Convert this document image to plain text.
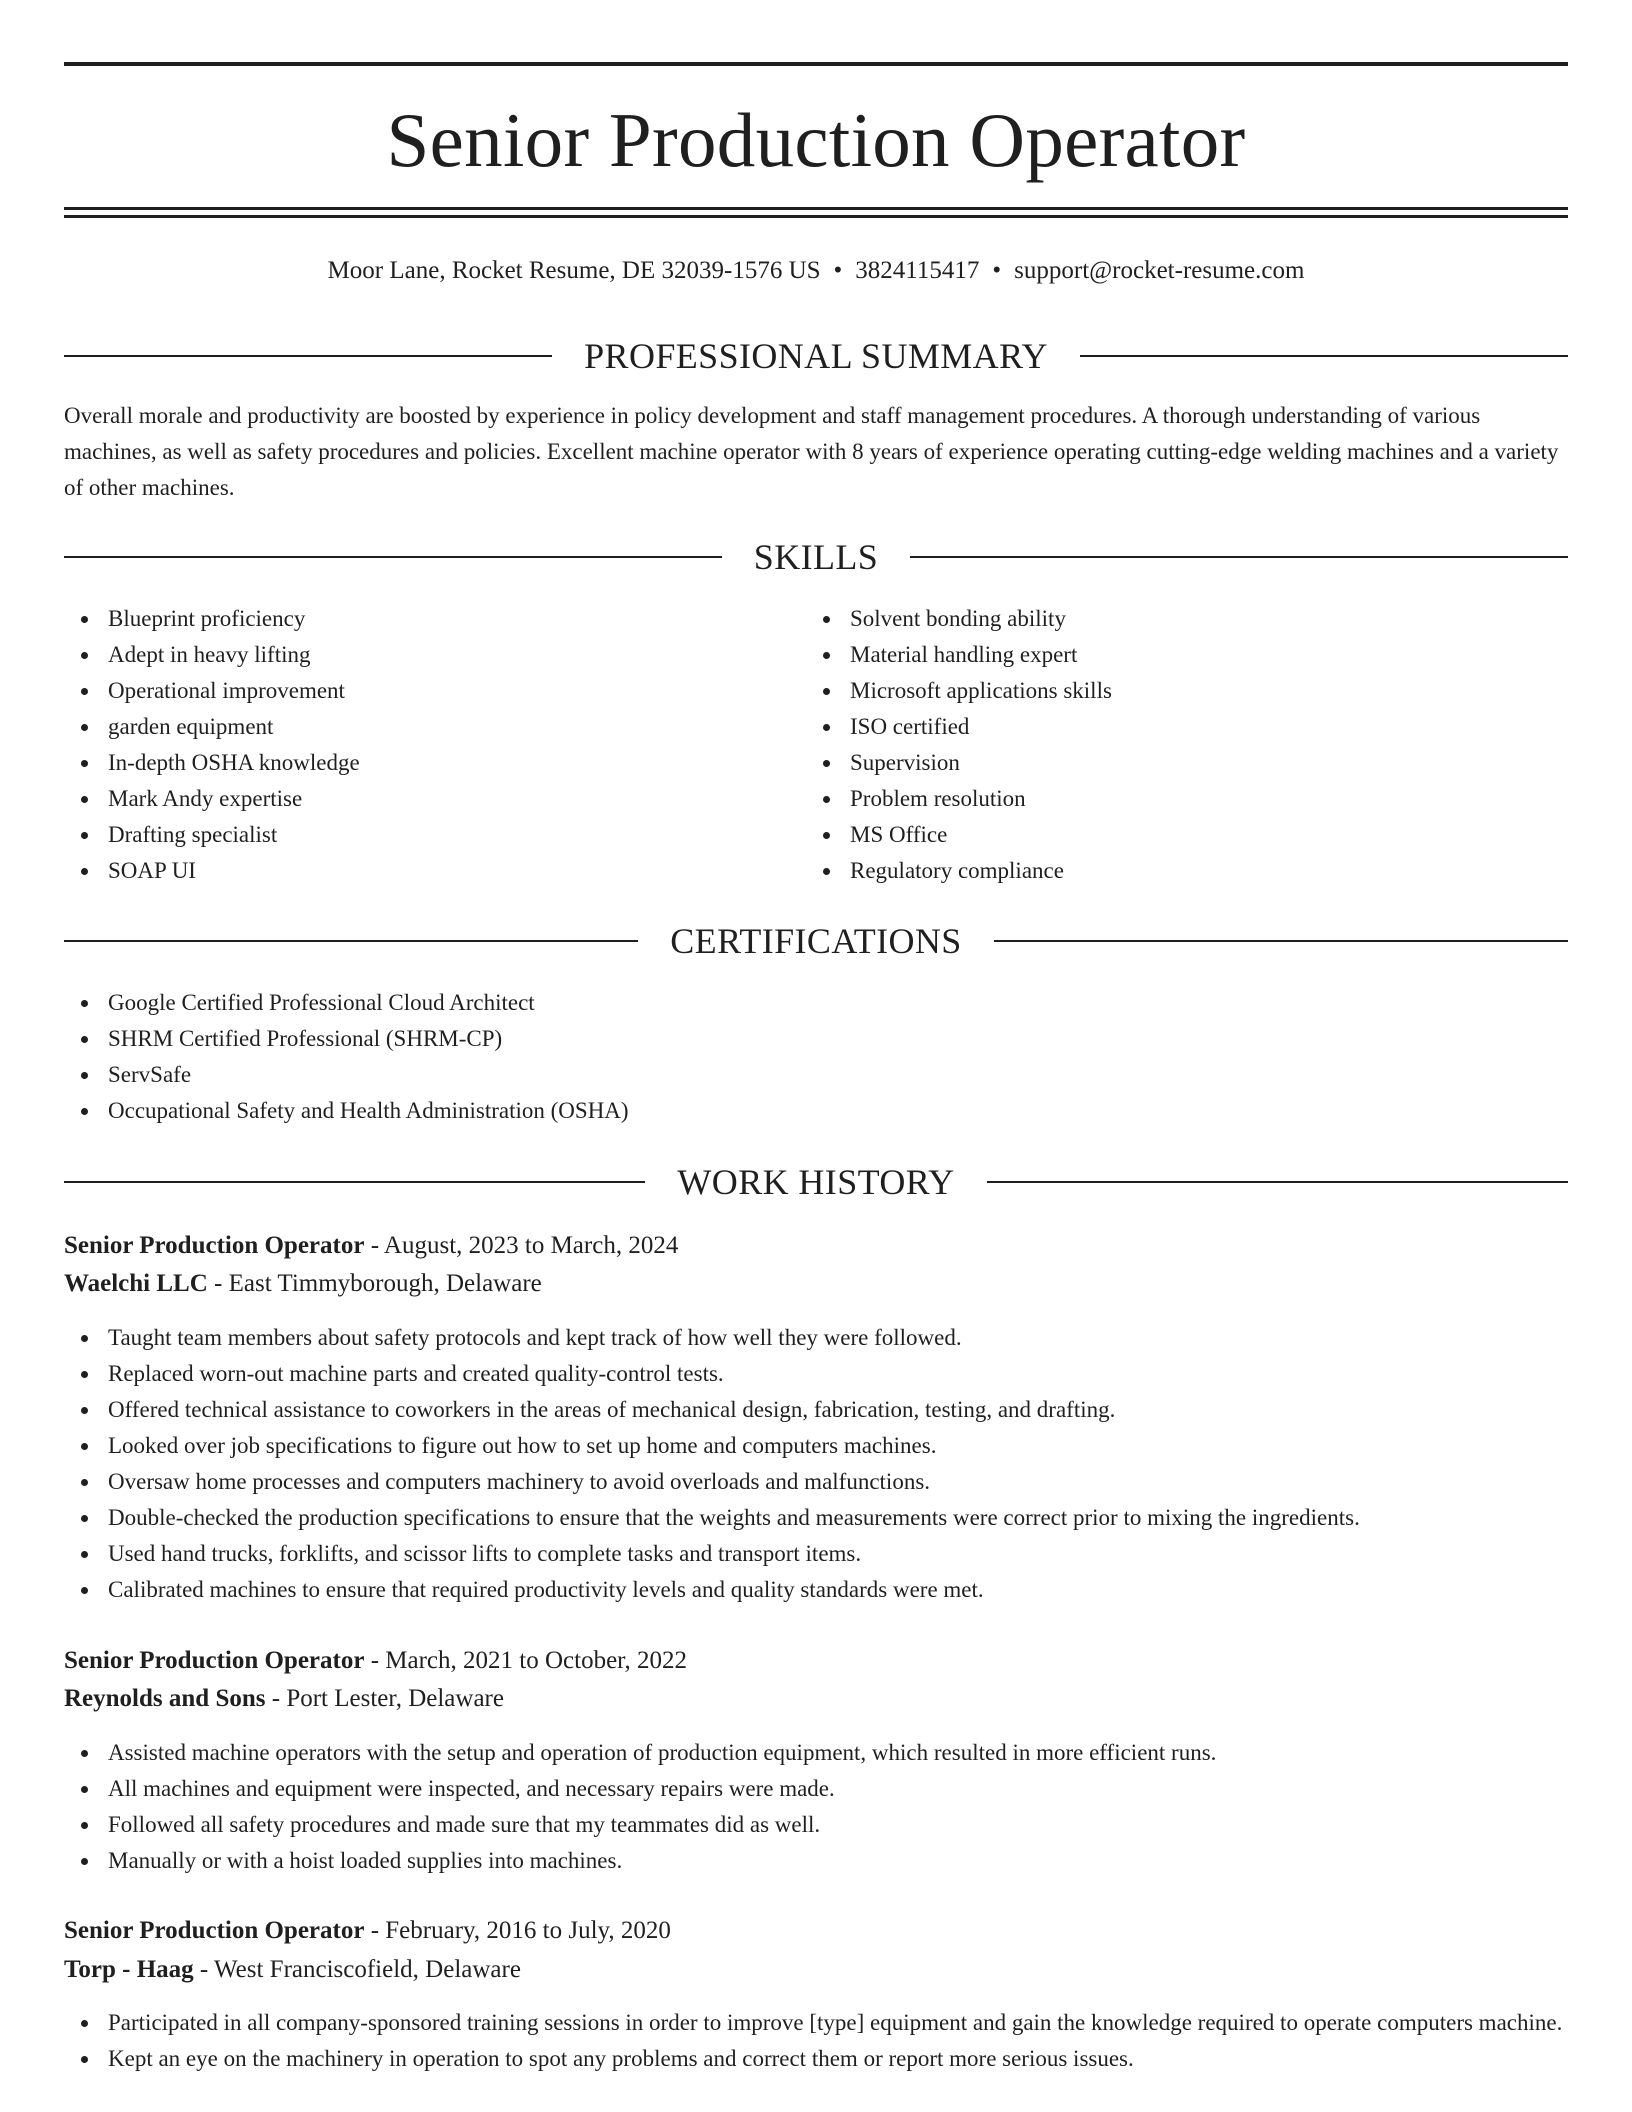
Senior Production Operator
Moor Lane, Rocket Resume, DE 32039-1576 US • 3824115417 • support@rocket-resume.com
PROFESSIONAL SUMMARY
Overall morale and productivity are boosted by experience in policy development and staff management procedures. A thorough understanding of various machines, as well as safety procedures and policies. Excellent machine operator with 8 years of experience operating cutting-edge welding machines and a variety of other machines.
SKILLS
Blueprint proficiency
Adept in heavy lifting
Operational improvement
garden equipment
In-depth OSHA knowledge
Mark Andy expertise
Drafting specialist
SOAP UI
Solvent bonding ability
Material handling expert
Microsoft applications skills
ISO certified
Supervision
Problem resolution
MS Office
Regulatory compliance
CERTIFICATIONS
Google Certified Professional Cloud Architect
SHRM Certified Professional (SHRM-CP)
ServSafe
Occupational Safety and Health Administration (OSHA)
WORK HISTORY
Senior Production Operator - August, 2023 to March, 2024
Waelchi LLC - East Timmyborough, Delaware
Taught team members about safety protocols and kept track of how well they were followed.
Replaced worn-out machine parts and created quality-control tests.
Offered technical assistance to coworkers in the areas of mechanical design, fabrication, testing, and drafting.
Looked over job specifications to figure out how to set up home and computers machines.
Oversaw home processes and computers machinery to avoid overloads and malfunctions.
Double-checked the production specifications to ensure that the weights and measurements were correct prior to mixing the ingredients.
Used hand trucks, forklifts, and scissor lifts to complete tasks and transport items.
Calibrated machines to ensure that required productivity levels and quality standards were met.
Senior Production Operator - March, 2021 to October, 2022
Reynolds and Sons - Port Lester, Delaware
Assisted machine operators with the setup and operation of production equipment, which resulted in more efficient runs.
All machines and equipment were inspected, and necessary repairs were made.
Followed all safety procedures and made sure that my teammates did as well.
Manually or with a hoist loaded supplies into machines.
Senior Production Operator - February, 2016 to July, 2020
Torp - Haag - West Franciscofield, Delaware
Participated in all company-sponsored training sessions in order to improve [type] equipment and gain the knowledge required to operate computers machine.
Kept an eye on the machinery in operation to spot any problems and correct them or report more serious issues.
